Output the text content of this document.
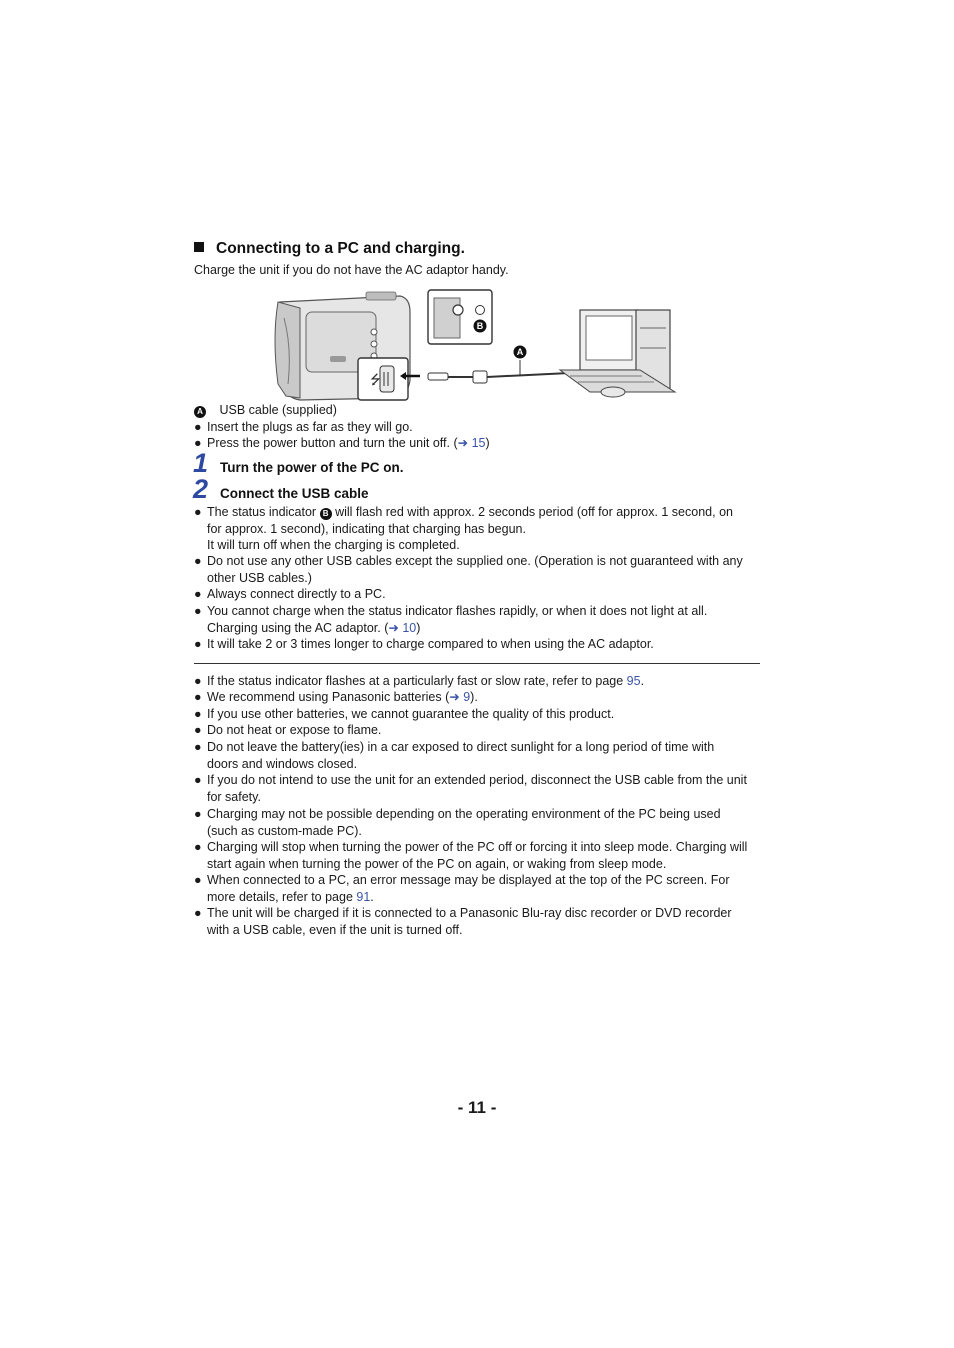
Connecting to a PC and charging.
Charge the unit if you do not have the AC adaptor handy.
⭍
B
A
A USB cable (supplied)
● Insert the plugs as far as they will go.
● Press the power button and turn the unit off. (➜ 15)
1 Turn the power of the PC on.
2 Connect the USB cable
● The status indicator B will flash red with approx. 2 seconds period (off for approx. 1 second, on
for approx. 1 second), indicating that charging has begun.
It will turn off when the charging is completed.
● Do not use any other USB cables except the supplied one. (Operation is not guaranteed with any
other USB cables.)
● Always connect directly to a PC.
● You cannot charge when the status indicator flashes rapidly, or when it does not light at all.
Charging using the AC adaptor. (➜ 10)
● It will take 2 or 3 times longer to charge compared to when using the AC adaptor.
● If the status indicator flashes at a particularly fast or slow rate, refer to page 95.
● We recommend using Panasonic batteries (➜ 9).
● If you use other batteries, we cannot guarantee the quality of this product.
● Do not heat or expose to flame.
● Do not leave the battery(ies) in a car exposed to direct sunlight for a long period of time with
doors and windows closed.
● If you do not intend to use the unit for an extended period, disconnect the USB cable from the unit
for safety.
● Charging may not be possible depending on the operating environment of the PC being used
(such as custom-made PC).
● Charging will stop when turning the power of the PC off or forcing it into sleep mode. Charging will
start again when turning the power of the PC on again, or waking from sleep mode.
● When connected to a PC, an error message may be displayed at the top of the PC screen. For
more details, refer to page 91.
● The unit will be charged if it is connected to a Panasonic Blu-ray disc recorder or DVD recorder
with a USB cable, even if the unit is turned off.
- 11 -
